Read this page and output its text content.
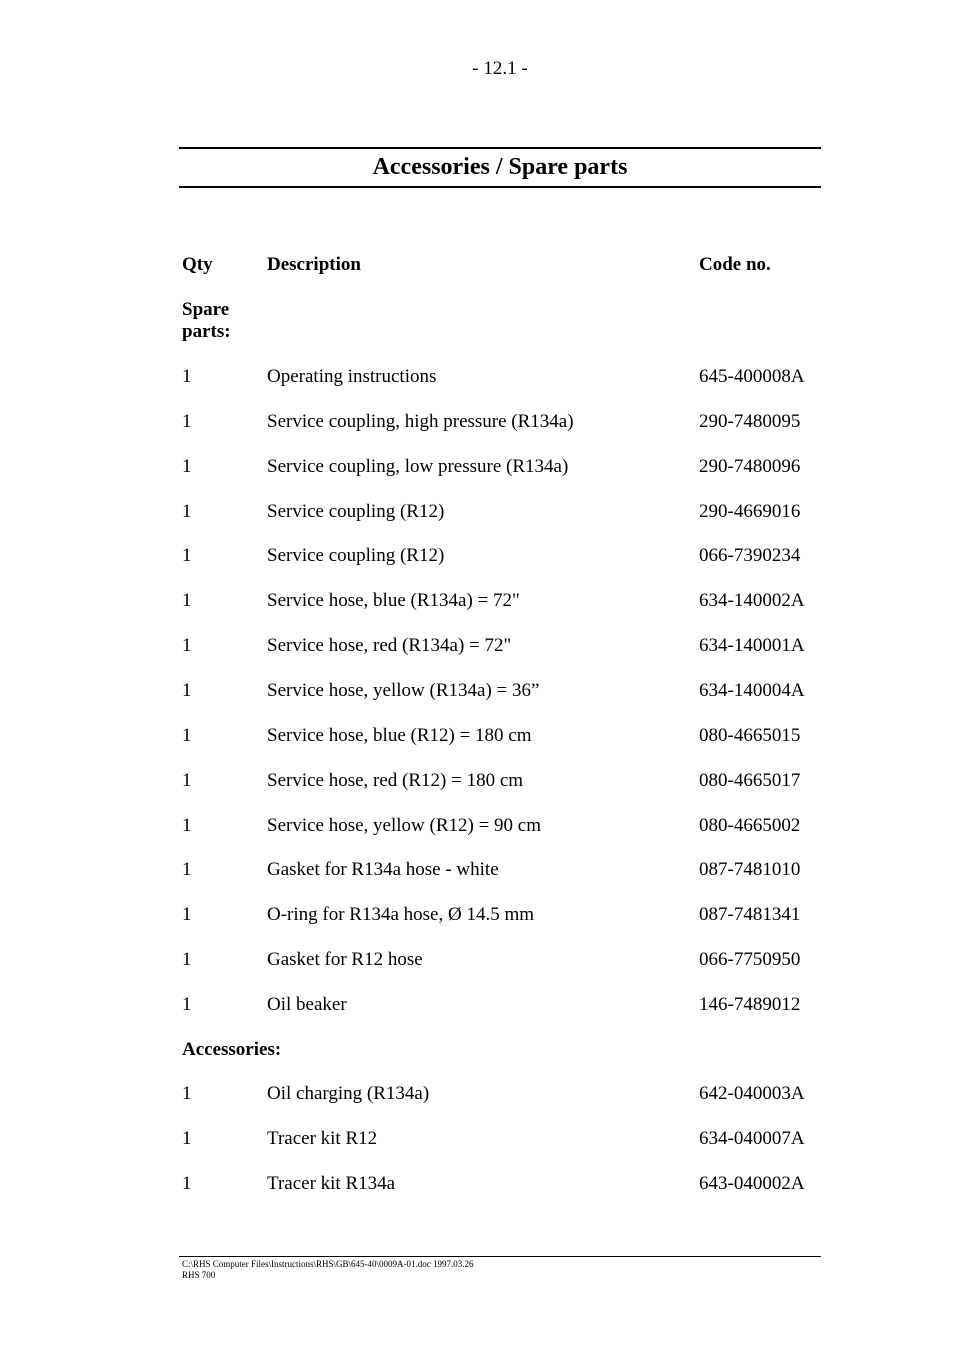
- 12.1 -
Accessories / Spare parts
Qty	Description	Code no.
Spare
parts:
1	Operating instructions	645-400008A
1	Service coupling, high pressure (R134a)	290-7480095
1	Service coupling, low pressure (R134a)	290-7480096
1	Service coupling (R12)	290-4669016
1	Service coupling (R12)	066-7390234
1	Service hose, blue (R134a) = 72"	634-140002A
1	Service hose, red (R134a) = 72"	634-140001A
1	Service hose, yellow (R134a) = 36”	634-140004A
1	Service hose, blue (R12) = 180 cm	080-4665015
1	Service hose, red (R12) = 180 cm	080-4665017
1	Service hose, yellow (R12) = 90 cm	080-4665002
1	Gasket for R134a hose - white	087-7481010
1	O-ring for R134a hose, Ø 14.5 mm	087-7481341
1	Gasket for R12 hose	066-7750950
1	Oil beaker	146-7489012
Accessories:
1	Oil charging (R134a)	642-040003A
1	Tracer kit R12	634-040007A
1	Tracer kit R134a	643-040002A
C:\RHS Computer Files\Instructions\RHS\GB\645-40\0009A-01.doc 1997.03.26
RHS 700
